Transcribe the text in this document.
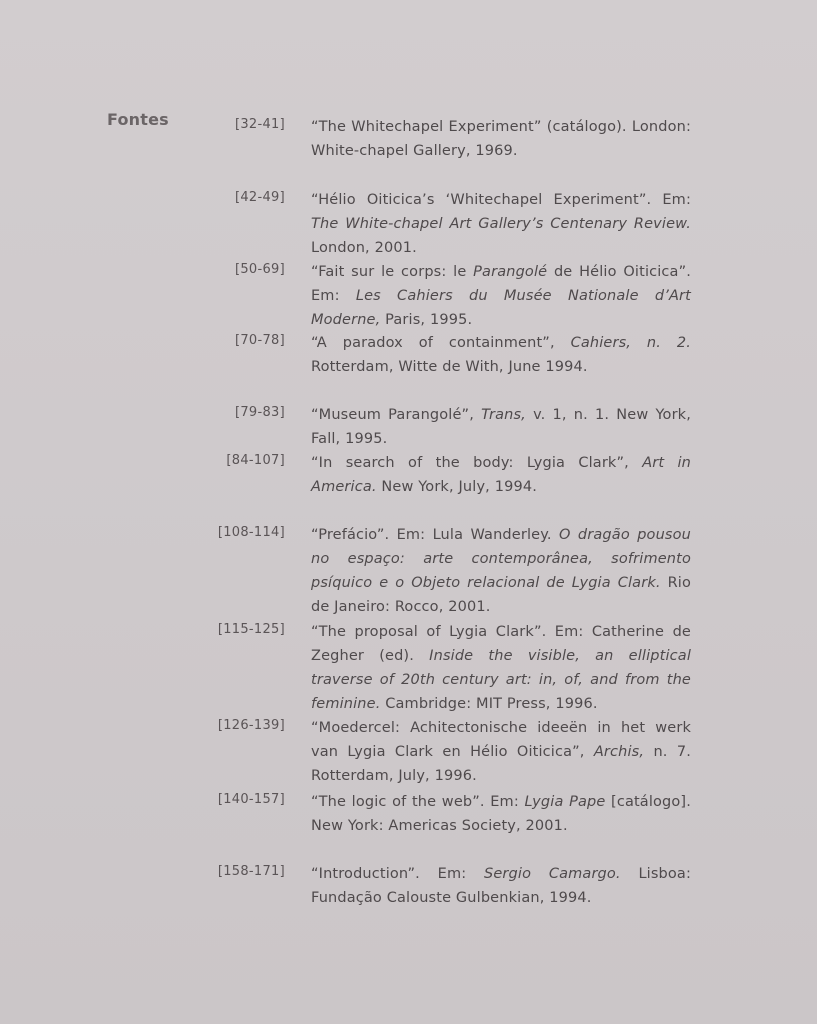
Fontes	[32-41] “The Whitechapel Experiment” (catálogo). London: White-chapel Gallery, 1969.
[42-49] “Hélio Oiticica’s ‘Whitechapel Experiment”. Em: The White-chapel Art Gallery’s Centenary Review. London, 2001.
[50-69] “Fait sur le corps: le Parangolé de Hélio Oiticica”. Em: Les Cahiers du Musée Nationale d’Art Moderne, Paris, 1995.
[70-78] “A paradox of containment”, Cahiers, n. 2. Rotterdam, Witte de With, June 1994.
[79-83] “Museum Parangolé”, Trans, v. 1, n. 1. New York, Fall, 1995.
[84-107] “In search of the body: Lygia Clark”, Art in America. New York, July, 1994.
[108-114] “Prefácio”. Em: Lula Wanderley. O dragão pousou no espaço: arte contemporânea, sofrimento psíquico e o Objeto relacional de Lygia Clark. Rio de Janeiro: Rocco, 2001.
[115-125] “The proposal of Lygia Clark”. Em: Catherine de Zegher (ed). Inside the visible, an elliptical traverse of 20th century art: in, of, and from the feminine. Cambridge: MIT Press, 1996.
[126-139] “Moedercel: Achitectonische ideeën in het werk van Lygia Clark en Hélio Oiticica”, Archis, n. 7. Rotterdam, July, 1996.
[140-157] “The logic of the web”. Em: Lygia Pape [catálogo]. New York: Americas Society, 2001.
[158-171] “Introduction”. Em: Sergio Camargo. Lisboa: Fundação Calouste Gulbenkian, 1994.
